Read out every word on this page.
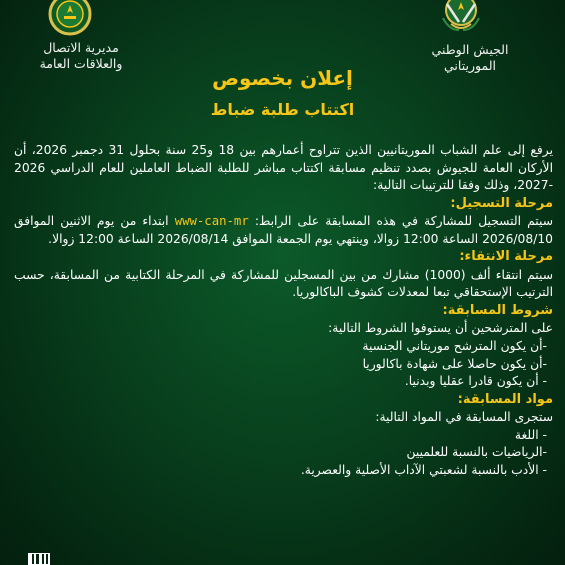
الجيش الوطني
الموريتاني
مديرية الاتصال
والعلاقات العامة
إعلان بخصوص
اكتتاب طلبة ضباط

يرفع إلى علم الشباب الموريتانيين الذين تتراوح أعمارهم بين 18 و25 سنة بحلول 31 دجمبر 2026، أن الأركان العامة للجيوش بصدد تنظيم مسابقة اكتتاب مباشر للطلبة الضباط العاملين للعام الدراسي 2026 -2027، وذلك وفقا للترتيبات التالية:

مرحلة التسجيل:

سيتم التسجيل للمشاركة في هذه المسابقة على الرابط: www-can-mr ابتداء من يوم الاثنين الموافق 2026/08/10 الساعة 12:00 زوالا، وينتهي يوم الجمعة الموافق 2026/08/14 الساعة 12:00 زوالا.

مرحلة الانتقاء:

سيتم انتقاء ألف (1000) مشارك من بين المسجلين للمشاركة في المرحلة الكتابية من المسابقة، حسب الترتيب الإستحقاقي تبعا لمعدلات كشوف الباكالوريا.

شروط المسابقة:

على المترشحين أن يستوفوا الشروط التالية:

-أن يكون المترشح موريتاني الجنسية

-أن يكون حاصلا على شهادة باكالوريا

- أن يكون قادرا عقليا وبدنيا.

مواد المسابقة:

ستجرى المسابقة في المواد التالية:

- اللغة

-الرياضيات بالنسبة للعلميين

- الأدب بالنسبة لشعبتي الآداب الأصلية والعصرية.
